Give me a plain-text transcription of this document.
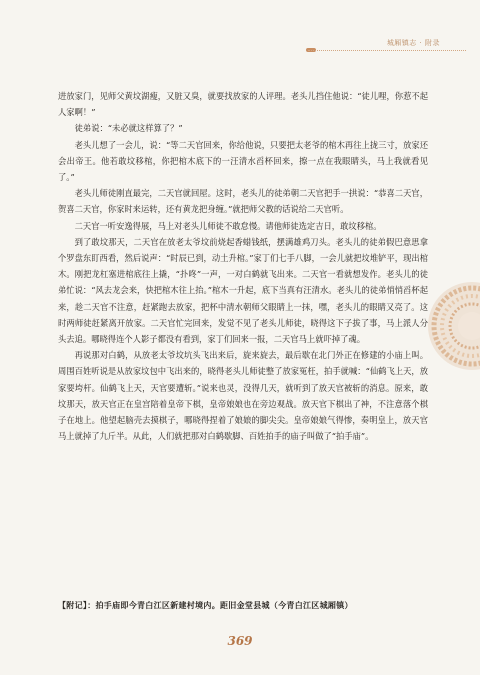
城厢镇志 · 附录

进放家门，见师父黄坟湖瘦，又脏又臭，就要找放家的人评理。老头儿挡住他说：“徒儿哩，你惹不起人家啊！”

徒弟说：“未必就这样算了？”

老头儿想了一会儿，说：“等二天官回来，你给他说，只要把太老爷的棺木再往上拢三寸，放家还会出帝王。他若敢坟移棺，你把棺木底下的一汪清水舀杯回来，擦一点在我眼睛头，马上我就看见了。”

老头儿师徒刚直最完，二天官就回屋。这时，老头儿的徒弟朝二天官把手一拱说：“恭喜二天官，贺喜二天官，你家时来运转，还有黄龙把身缠。”就把师父教的话说给二天官听。

二天官一听安逸得展，马上对老头儿师徒不敢怠慢。请他师徒选定吉日，敢坟移棺。

到了敢坟那天，二天官在放老太爷坟前烧起香蜡钱纸，摆满雄鸡刀头。老头儿的徒弟假巴意思拿个罗盘东盯西看，然后说声：“时辰已到，动土升棺。”家丁们七手八脚，一会儿就把坟堆铲平，现出棺木。刚把龙杠塞进棺底往上撬，“扑咚”一声，一对白鹤就飞出来。二天官一看就想发作。老头儿的徒弟忙说：“风去龙会来，快把棺木往上抬。”棺木一升起，底下当真有汪清水。老头儿的徒弟悄悄舀杯起来，趁二天官不注意，赶紧跑去放家，把杯中清水朝师父眼睛上一抹，嘿，老头儿的眼睛又亮了。这时两师徒赶紧离开放家。二天官忙完回来，发觉不见了老头儿师徒，晓得这下子拔了事，马上派人分头去追。哪晓得连个人影子都没有看到，家丁们回来一报，二天官马上就吓掉了魂。

再说那对白鹤，从放老太爷坟坑头飞出来后，旋来旋去，最后歇在北门外正在修建的小庙上叫。周围百姓听说是从放家坟包中飞出来的，晓得老头儿师徒整了放家冤枉，拍手就喊：“仙鹤飞上天，放家要垮杆。仙鹤飞上天，天官要遭斩。”说来也灵，没得几天，就听到了放天官被斩的消息。原来，敢坟那天，放天官正在皇宫陪着皇帝下棋，皇帝娘娘也在旁边观战。放天官下棋出了神，不注意落个棋子在地上。他望起脑壳去摸棋子，哪晓得捏着了娘娘的脚尖尖。皇帝娘娘气得惨，奏明皇上，放天官马上就掉了九斤半。从此，人们就把那对白鹤歇脚、百姓拍手的庙子叫做了“拍手庙”。

【附记】：拍手庙即今青白江区新建村境内。距旧金堂县城（今青白江区城厢镇）
369
